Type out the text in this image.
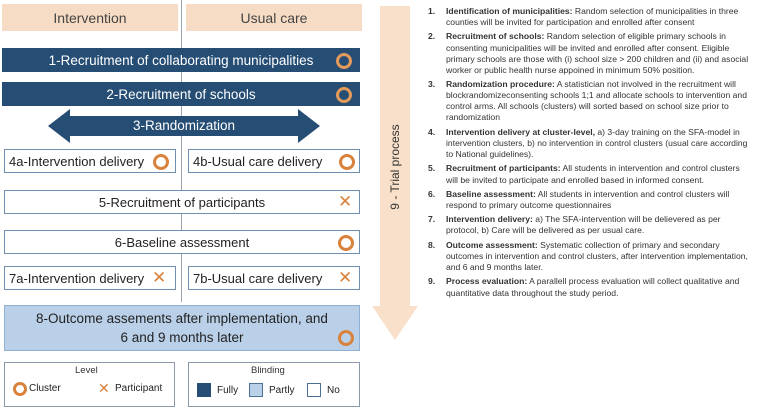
Intervention	Usual care
9 - Trial process
1-Recruitment of collaborating municipalities
2-Recruitment of schools
3-Randomization
4a-Intervention delivery	4b-Usual care delivery
5-Recruitment of participants	✕
6-Baseline assessment
7a-Intervention delivery ✕ 7b-Usual care delivery ✕
8-Outcome assements after implementation, and 6 and 9 months later
Level
Cluster	✕ Participant
Blinding
Fully	Partly	No
1. Identification of municipalities: Random selection of municipalities in three counties will be invited for participation and enrolled after consent
2. Recruitment of schools: Random selection of eligible primary schools in consenting municipalities will be invited and enrolled after consent. Eligible primary schools are those with (i) school size > 200 children and (ii) and asocial worker or public health nurse appoined in minimum 50% position.
3. Randomization procedure: A statistician not involved in the recruitment will blockrandomizeconsenting schools 1;1 and allocate schools to intervention and control arms. All schools (clusters) will sorted based on school size prior to randomization
4. Intervention delivery at cluster-level, a) 3-day training on the SFA-model in intervention clusters, b) no intervention in control clusters (usual care according to National guidelines).
5. Recruitment of participants: All students in intervention and control clusters will be invited to participate and enrolled based in informed consent.
6. Baseline assessment: All students in intervention and control clusters will respond to primary outcome questionnaires
7. Intervention delivery: a) The SFA-intervention will be delievered as per protocol, b) Care will be delivered as per usual care.
8. Outcome assessment: Systematic collection of primary and secondary outcomes in intervention and control clusters, after intervention implementation, and 6 and 9 months later.
9. Process evaluation: A parallell process evaluation will collect qualitative and quantitative data throughout the study period.
